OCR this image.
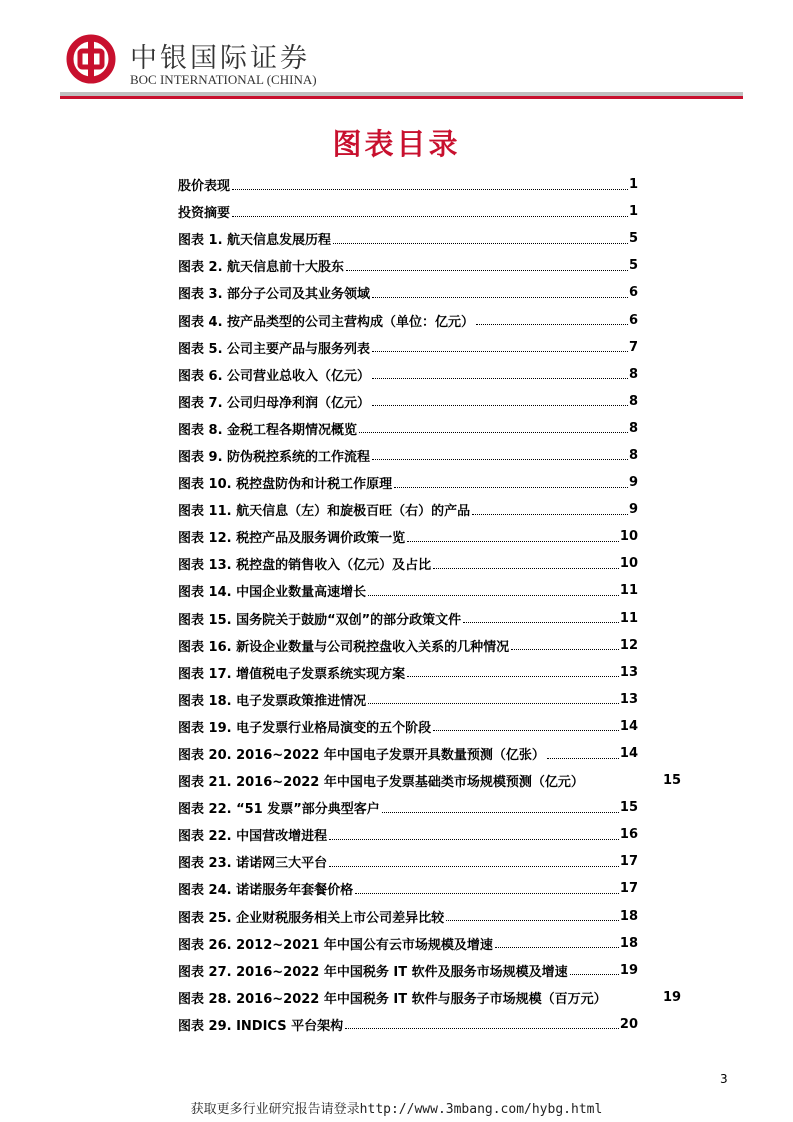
中银国际证券
BOC INTERNATIONAL (CHINA)
图表目录
股价表现	1
投资摘要	1
图表 1. 航天信息发展历程	5
图表 2. 航天信息前十大股东	5
图表 3. 部分子公司及其业务领域	6
图表 4. 按产品类型的公司主营构成（单位：亿元）	6
图表 5. 公司主要产品与服务列表	7
图表 6. 公司营业总收入（亿元）	8
图表 7. 公司归母净利润（亿元）	8
图表 8. 金税工程各期情况概览	8
图表 9. 防伪税控系统的工作流程	8
图表 10. 税控盘防伪和计税工作原理	9
图表 11. 航天信息（左）和旋极百旺（右）的产品	9
图表 12. 税控产品及服务调价政策一览	10
图表 13. 税控盘的销售收入（亿元）及占比	10
图表 14. 中国企业数量高速增长	11
图表 15. 国务院关于鼓励“双创”的部分政策文件	11
图表 16. 新设企业数量与公司税控盘收入关系的几种情况	12
图表 17. 增值税电子发票系统实现方案	13
图表 18. 电子发票政策推进情况	13
图表 19. 电子发票行业格局演变的五个阶段	14
图表 20. 2016~2022 年中国电子发票开具数量预测（亿张）	14
图表 21. 2016~2022 年中国电子发票基础类市场规模预测（亿元）	15
图表 22. “51 发票”部分典型客户	15
图表 22. 中国营改增进程	16
图表 23. 诺诺网三大平台	17
图表 24. 诺诺服务年套餐价格	17
图表 25. 企业财税服务相关上市公司差异比较	18
图表 26. 2012~2021 年中国公有云市场规模及增速	18
图表 27. 2016~2022 年中国税务 IT 软件及服务市场规模及增速	19
图表 28. 2016~2022 年中国税务 IT 软件与服务子市场规模（百万元）	19
图表 29. INDICS 平台架构	20
3
获取更多行业研究报告请登录http://www.3mbang.com/hybg.html
